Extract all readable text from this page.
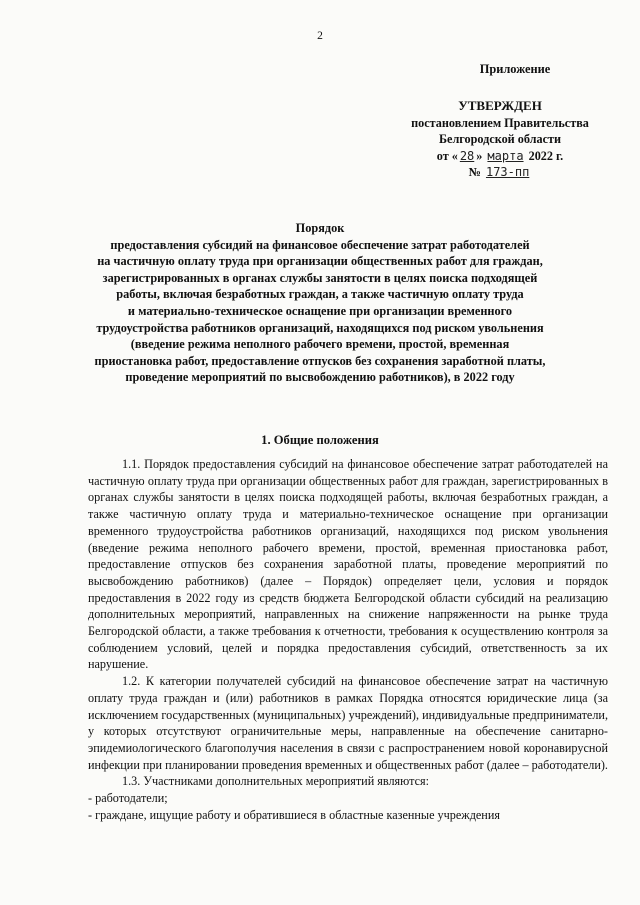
2
Приложение
УТВЕРЖДЕН
постановлением Правительства
Белгородской области
от « 28 » марта 2022 г.
№ 173-пп
Порядок
предоставления субсидий на финансовое обеспечение затрат работодателей
на частичную оплату труда при организации общественных работ для граждан,
зарегистрированных в органах службы занятости в целях поиска подходящей
работы, включая безработных граждан, а также частичную оплату труда
и материально-техническое оснащение при организации временного
трудоустройства работников организаций, находящихся под риском увольнения
(введение режима неполного рабочего времени, простой, временная
приостановка работ, предоставление отпусков без сохранения заработной платы,
проведение мероприятий по высвобождению работников), в 2022 году
1. Общие положения

1.1. Порядок предоставления субсидий на финансовое обеспечение затрат работодателей на частичную оплату труда при организации общественных работ для граждан, зарегистрированных в органах службы занятости в целях поиска подходящей работы, включая безработных граждан, а также частичную оплату труда и материально-техническое оснащение при организации временного трудоустройства работников организаций, находящихся под риском увольнения (введение режима неполного рабочего времени, простой, временная приостановка работ, предоставление отпусков без сохранения заработной платы, проведение мероприятий по высвобождению работников) (далее – Порядок) определяет цели, условия и порядок предоставления в 2022 году из средств бюджета Белгородской области субсидий на реализацию дополнительных мероприятий, направленных на снижение напряженности на рынке труда Белгородской области, а также требования к отчетности, требования к осуществлению контроля за соблюдением условий, целей и порядка предоставления субсидий, ответственность за их нарушение.

1.2. К категории получателей субсидий на финансовое обеспечение затрат на частичную оплату труда граждан и (или) работников в рамках Порядка относятся юридические лица (за исключением государственных (муниципальных) учреждений), индивидуальные предприниматели, у которых отсутствуют ограничительные меры, направленные на обеспечение санитарно-эпидемиологического благополучия населения в связи с распространением новой коронавирусной инфекции при планировании проведения временных и общественных работ (далее – работодатели).

1.3. Участниками дополнительных мероприятий являются:

- работодатели;
- граждане, ищущие работу и обратившиеся в областные казенные учреждения
